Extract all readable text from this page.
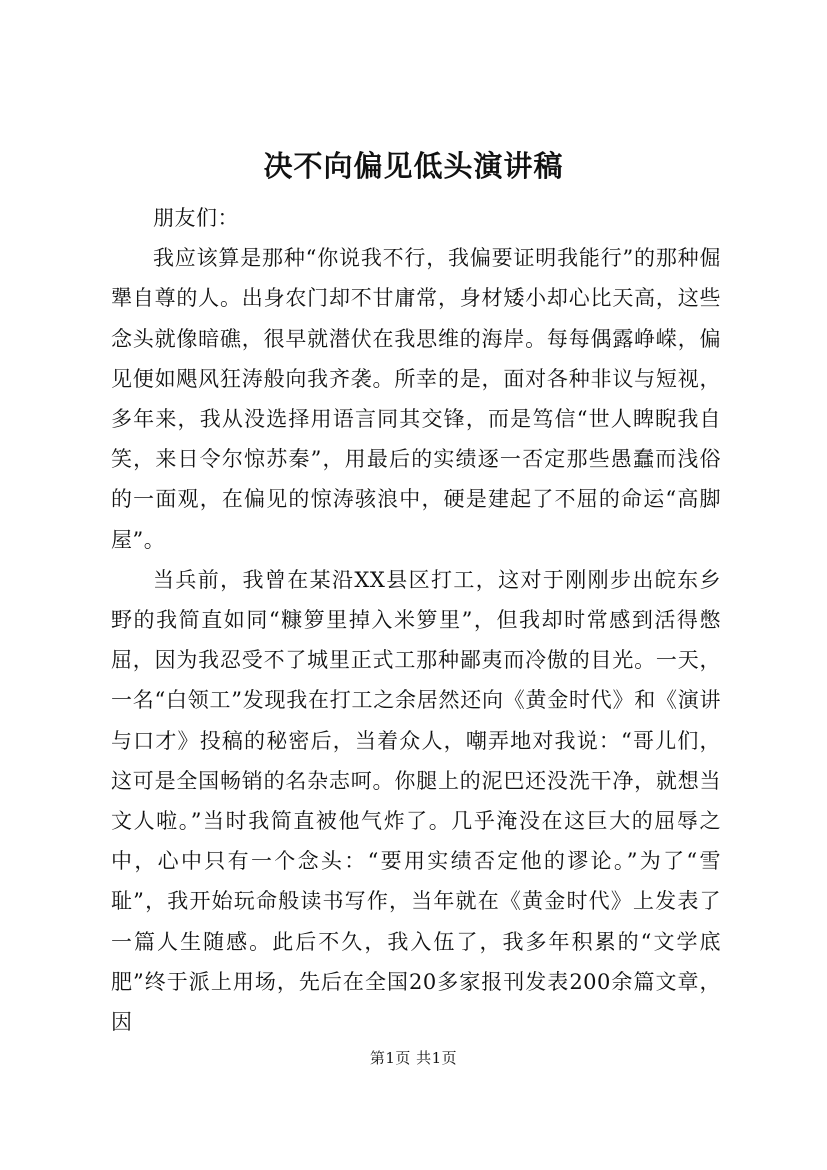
决不向偏见低头演讲稿

朋友们：

我应该算是那种“你说我不行，我偏要证明我能行”的那种倔犟自尊的人。出身农门却不甘庸常，身材矮小却心比天高，这些念头就像暗礁，很早就潜伏在我思维的海岸。每每偶露峥嵘，偏见便如飓风狂涛般向我齐袭。所幸的是，面对各种非议与短视，多年来，我从没选择用语言同其交锋，而是笃信“世人睥睨我自笑，来日令尔惊苏秦”，用最后的实绩逐一否定那些愚蠢而浅俗的一面观，在偏见的惊涛骇浪中，硬是建起了不屈的命运“高脚屋”。

当兵前，我曾在某沿XX县区打工，这对于刚刚步出皖东乡野的我简直如同“糠箩里掉入米箩里”，但我却时常感到活得憋屈，因为我忍受不了城里正式工那种鄙夷而冷傲的目光。一天，一名“白领工”发现我在打工之余居然还向《黄金时代》和《演讲与口才》投稿的秘密后，当着众人，嘲弄地对我说：“哥儿们，这可是全国畅销的名杂志呵。你腿上的泥巴还没洗干净，就想当文人啦。”当时我简直被他气炸了。几乎淹没在这巨大的屈辱之中，心中只有一个念头：“要用实绩否定他的谬论。”为了“雪耻”，我开始玩命般读书写作，当年就在《黄金时代》上发表了一篇人生随感。此后不久，我入伍了，我多年积累的“文学底肥”终于派上用场，先后在全国20多家报刊发表200余篇文章，因

第1页 共1页
